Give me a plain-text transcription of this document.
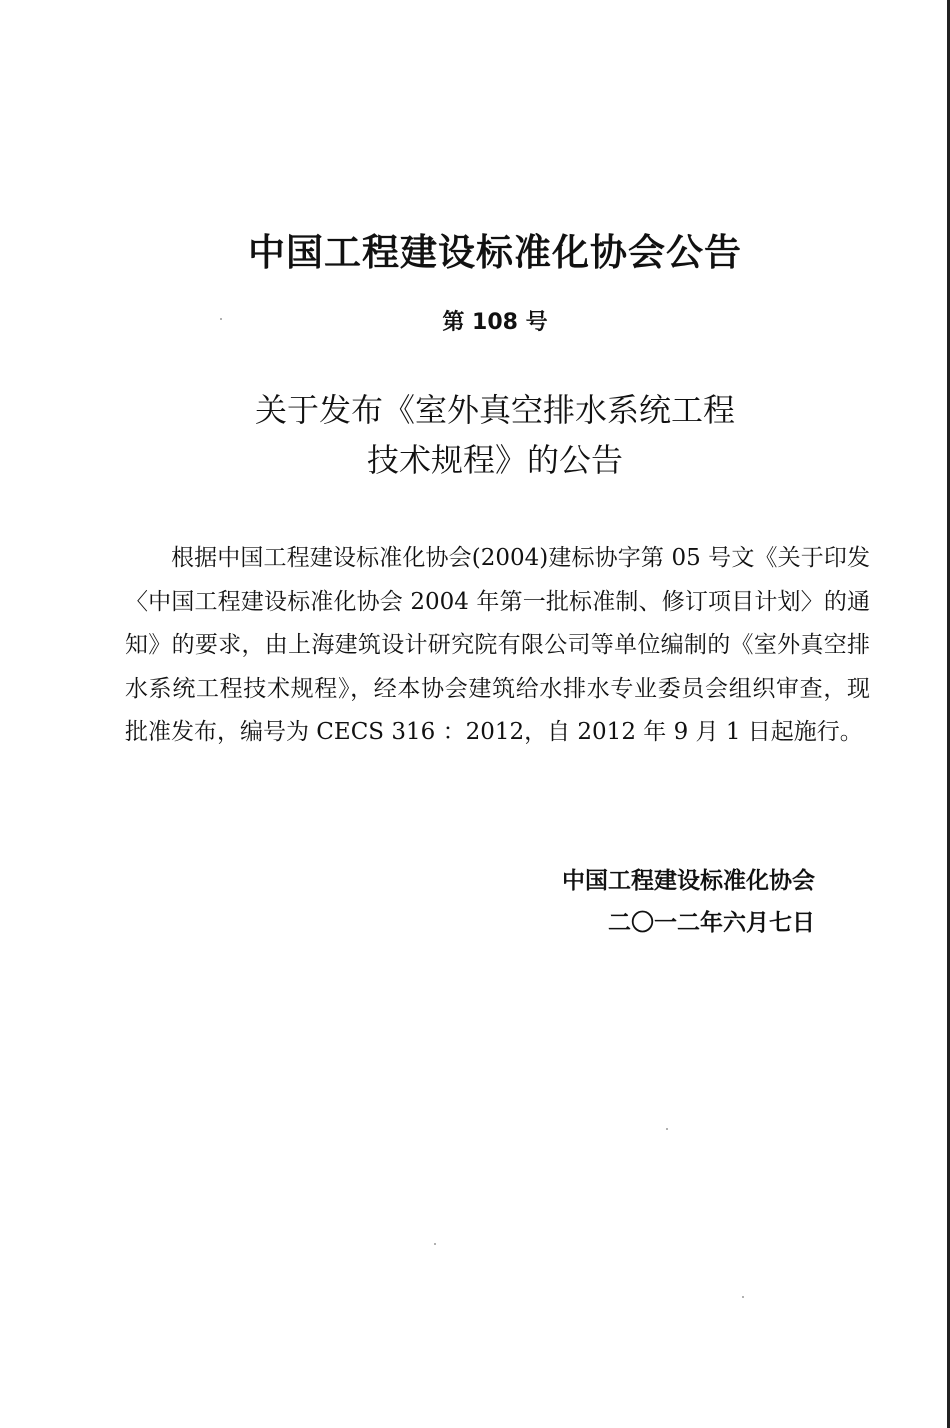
中国工程建设标准化协会公告
第 108 号
关于发布《室外真空排水系统工程
技术规程》的公告

根据中国工程建设标准化协会(2004)建标协字第 05 号文《关于印发〈中国工程建设标准化协会 2004 年第一批标准制、修订项目计划〉的通知》的要求，由上海建筑设计研究院有限公司等单位编制的《室外真空排水系统工程技术规程》，经本协会建筑给水排水专业委员会组织审查，现批准发布，编号为 CECS 316 ：2012，自 2012 年 9 月 1 日起施行。

中国工程建设标准化协会
二〇一二年六月七日
